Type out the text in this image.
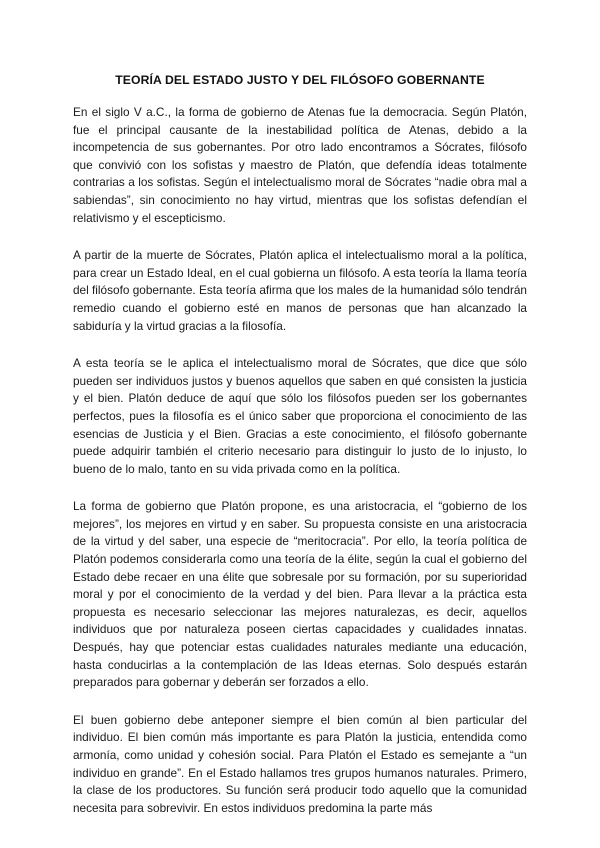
TEORÍA DEL ESTADO JUSTO Y DEL FILÓSOFO GOBERNANTE

En el siglo V a.C., la forma de gobierno de Atenas fue la democracia. Según Platón, fue el principal causante de la inestabilidad política de Atenas, debido a la incompetencia de sus gobernantes. Por otro lado encontramos a Sócrates, filósofo que convivió con los sofistas y maestro de Platón, que defendía ideas totalmente contrarias a los sofistas. Según el intelectualismo moral de Sócrates “nadie obra mal a sabiendas”, sin conocimiento no hay virtud, mientras que los sofistas defendían el relativismo y el escepticismo.

A partir de la muerte de Sócrates, Platón aplica el intelectualismo moral a la política, para crear un Estado Ideal, en el cual gobierna un filósofo. A esta teoría la llama teoría del filósofo gobernante. Esta teoría afirma que los males de la humanidad sólo tendrán remedio cuando el gobierno esté en manos de personas que han alcanzado la sabiduría y la virtud gracias a la filosofía.

A esta teoría se le aplica el intelectualismo moral de Sócrates, que dice que sólo pueden ser individuos justos y buenos aquellos que saben en qué consisten la justicia y el bien. Platón deduce de aquí que sólo los filósofos pueden ser los gobernantes perfectos, pues la filosofía es el único saber que proporciona el conocimiento de las esencias de Justicia y el Bien. Gracias a este conocimiento, el filósofo gobernante puede adquirir también el criterio necesario para distinguir lo justo de lo injusto, lo bueno de lo malo, tanto en su vida privada como en la política.

La forma de gobierno que Platón propone, es una aristocracia, el “gobierno de los mejores”, los mejores en virtud y en saber. Su propuesta consiste en una aristocracia de la virtud y del saber, una especie de “meritocracia”. Por ello, la teoría política de Platón podemos considerarla como una teoría de la élite, según la cual el gobierno del Estado debe recaer en una élite que sobresale por su formación, por su superioridad moral y por el conocimiento de la verdad y del bien. Para llevar a la práctica esta propuesta es necesario seleccionar las mejores naturalezas, es decir, aquellos individuos que por naturaleza poseen ciertas capacidades y cualidades innatas. Después, hay que potenciar estas cualidades naturales mediante una educación, hasta conducirlas a la contemplación de las Ideas eternas. Solo después estarán preparados para gobernar y deberán ser forzados a ello.

El buen gobierno debe anteponer siempre el bien común al bien particular del individuo. El bien común más importante es para Platón la justicia, entendida como armonía, como unidad y cohesión social. Para Platón el Estado es semejante a “un individuo en grande”. En el Estado hallamos tres grupos humanos naturales. Primero, la clase de los productores. Su función será producir todo aquello que la comunidad necesita para sobrevivir. En estos individuos predomina la parte más
